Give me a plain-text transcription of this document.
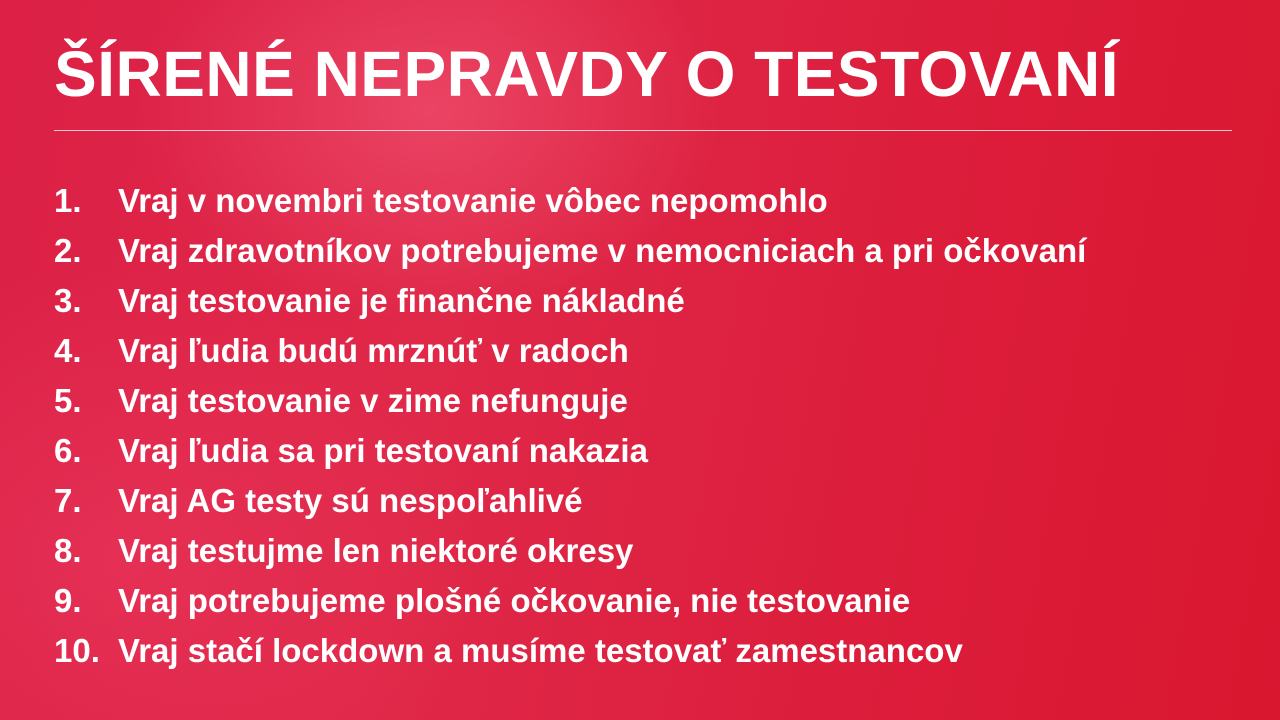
ŠÍRENÉ NEPRAVDY O TESTOVANÍ
1.	Vraj v novembri testovanie vôbec nepomohlo
2.	Vraj zdravotníkov potrebujeme v nemocniciach a pri očkovaní
3.	Vraj testovanie je finančne nákladné
4.	Vraj ľudia budú mrznúť v radoch
5.	Vraj testovanie v zime nefunguje
6.	Vraj ľudia sa pri testovaní nakazia
7.	Vraj AG testy sú nespoľahlivé
8.	Vraj testujme len niektoré okresy
9.	Vraj potrebujeme plošné očkovanie, nie testovanie
10. Vraj stačí lockdown a musíme testovať zamestnancov
